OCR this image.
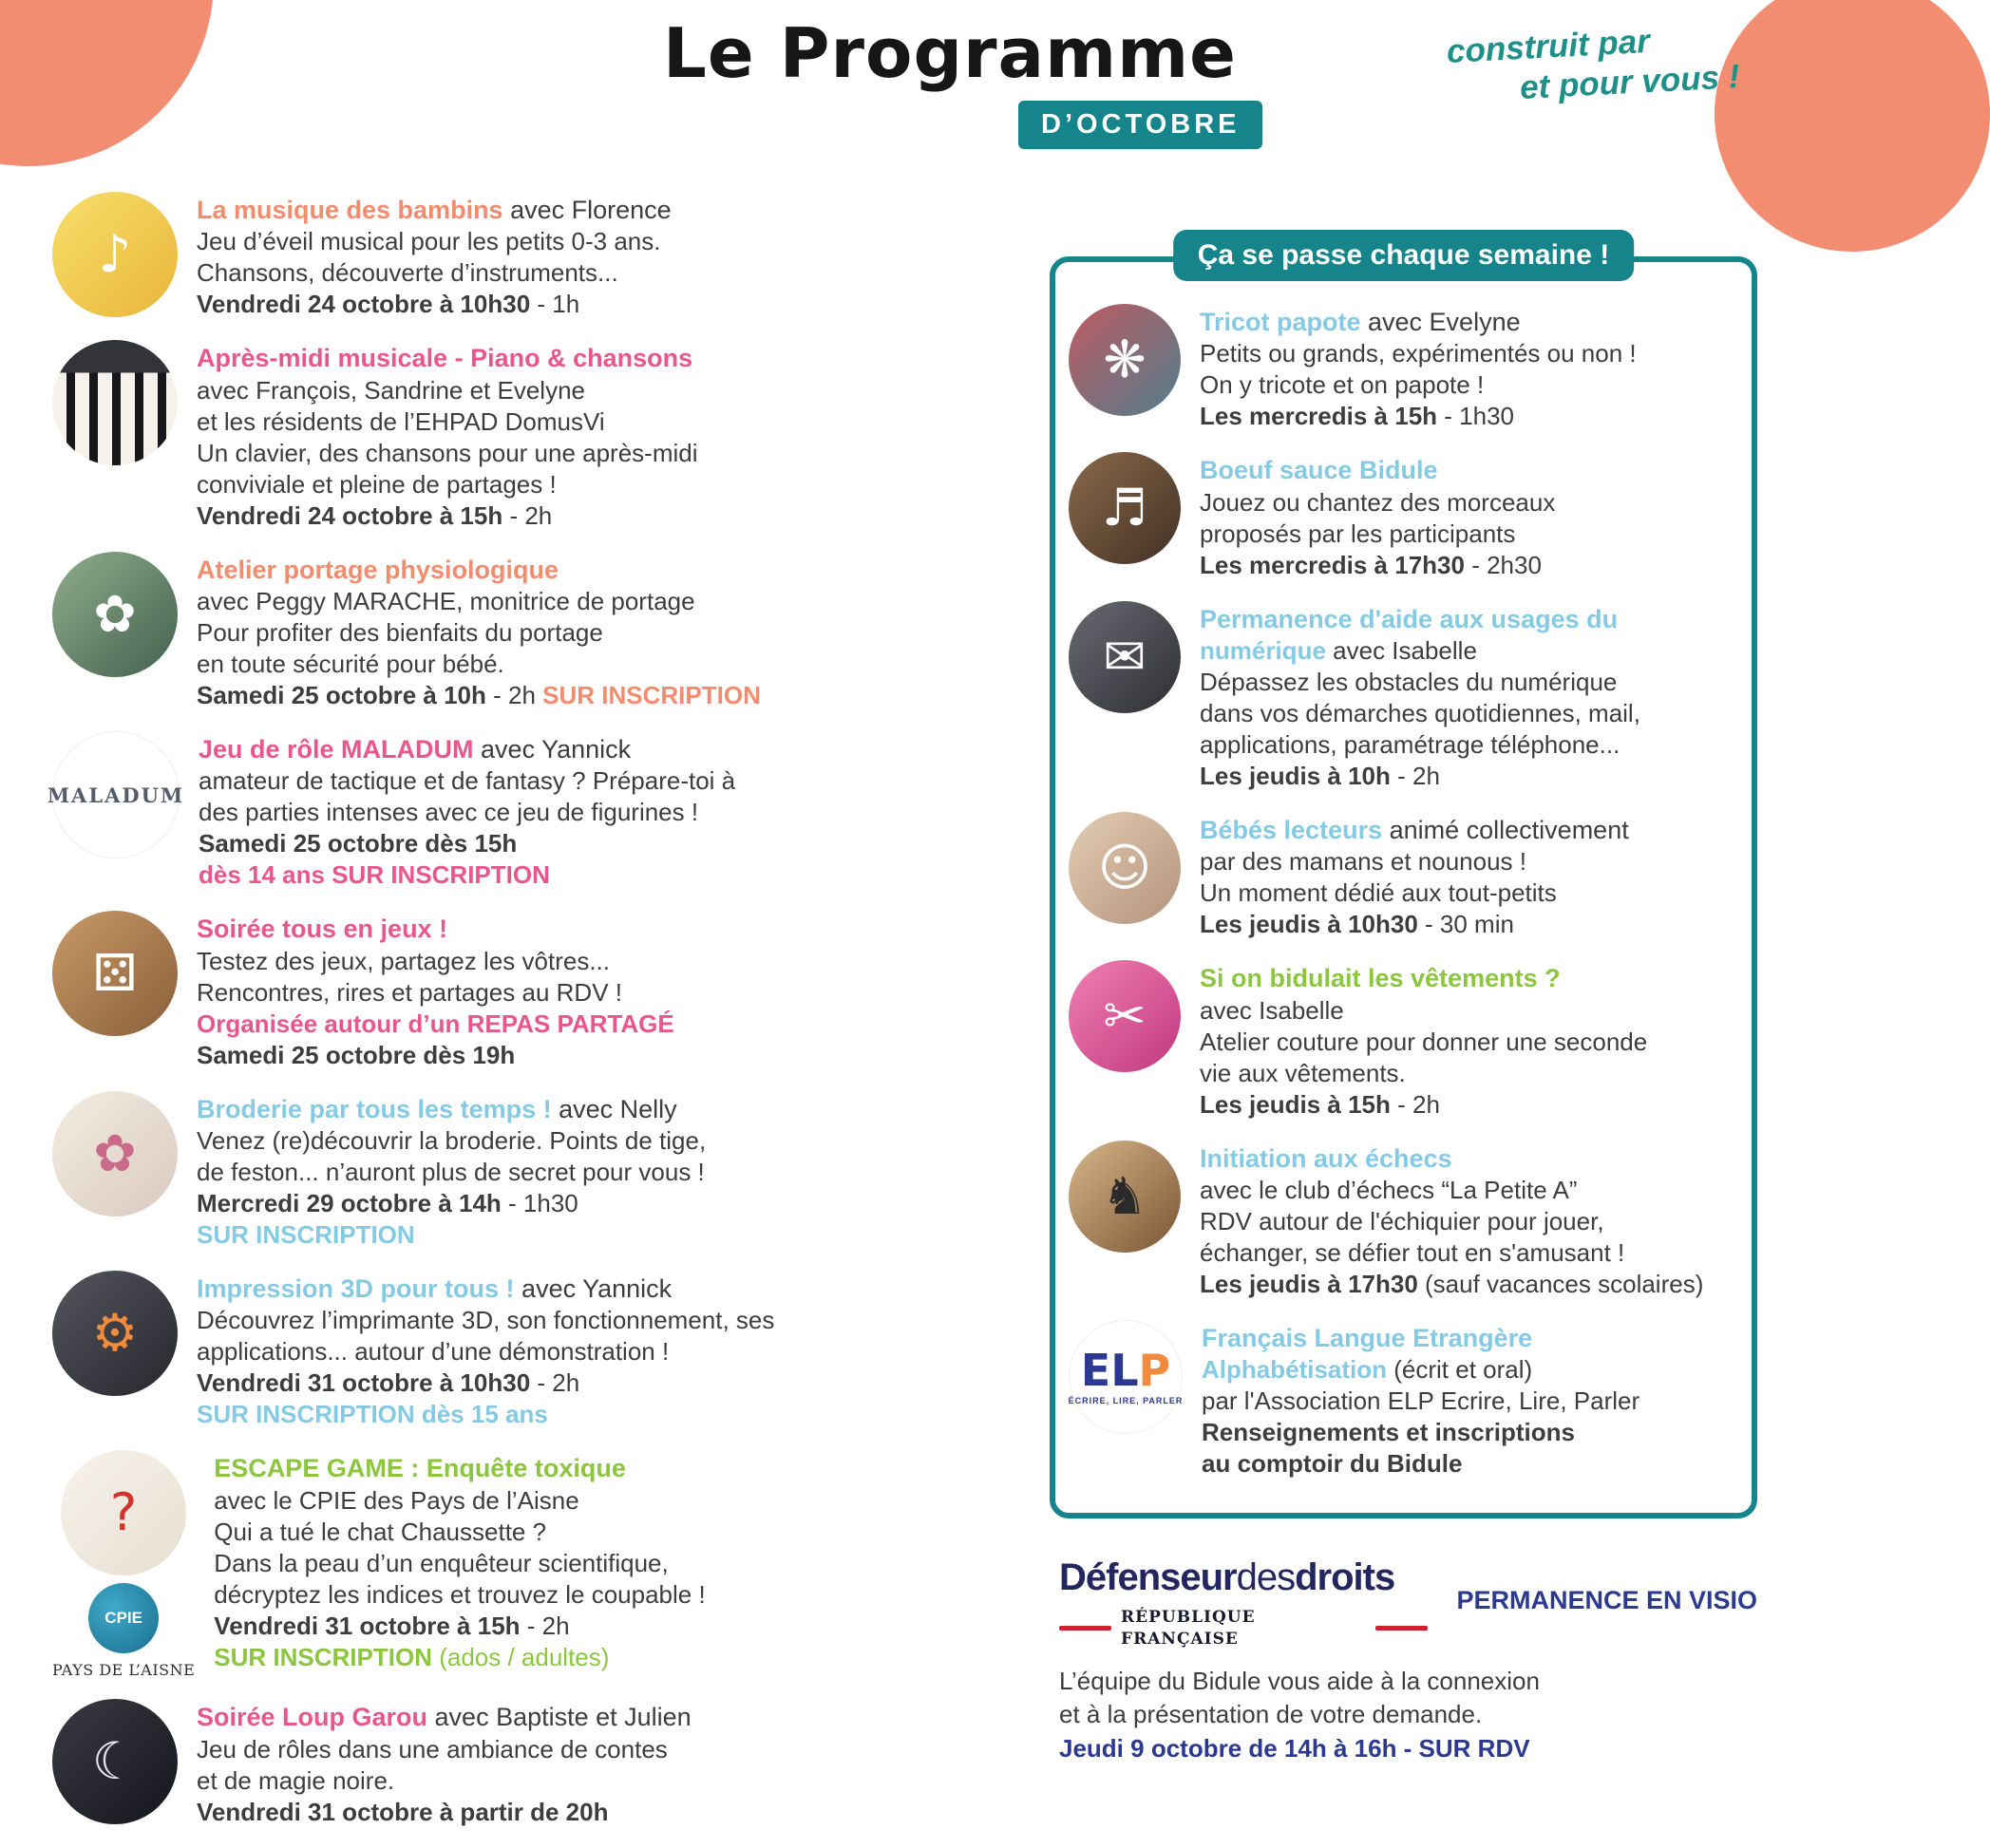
Le Programme
D’OCTOBRE
construit par
et pour vous !
♪
La musique des bambins avec Florence
Jeu d’éveil musical pour les petits 0-3 ans.
Chansons, découverte d’instruments...
Vendredi 24 octobre à 10h30 - 1h
Après-midi musicale - Piano & chansons
avec François, Sandrine et Evelyne
et les résidents de l’EHPAD DomusVi
Un clavier, des chansons pour une après-midi
conviviale et pleine de partages !
Vendredi 24 octobre à 15h - 2h
✿
Atelier portage physiologique
avec Peggy MARACHE, monitrice de portage
Pour profiter des bienfaits du portage
en toute sécurité pour bébé.
Samedi 25 octobre à 10h - 2h SUR INSCRIPTION
MALADUM
Jeu de rôle MALADUM avec Yannick
amateur de tactique et de fantasy ? Prépare-toi à
des parties intenses avec ce jeu de figurines !
Samedi 25 octobre dès 15h
dès 14 ans SUR INSCRIPTION
⚄
Soirée tous en jeux !
Testez des jeux, partagez les vôtres...
Rencontres, rires et partages au RDV !
Organisée autour d’un REPAS PARTAGÉ
Samedi 25 octobre dès 19h
✿
Broderie par tous les temps ! avec Nelly
Venez (re)découvrir la broderie. Points de tige,
de feston... n’auront plus de secret pour vous !
Mercredi 29 octobre à 14h - 1h30
SUR INSCRIPTION
⚙
Impression 3D pour tous ! avec Yannick
Découvrez l’imprimante 3D, son fonctionnement, ses
applications... autour d’une démonstration !
Vendredi 31 octobre à 10h30 - 2h
SUR INSCRIPTION dès 15 ans
?
CPIE
PAYS DE L’AISNE
ESCAPE GAME : Enquête toxique
avec le CPIE des Pays de l’Aisne
Qui a tué le chat Chaussette ?
Dans la peau d’un enquêteur scientifique,
décryptez les indices et trouvez le coupable !
Vendredi 31 octobre à 15h - 2h
SUR INSCRIPTION (ados / adultes)
☾
Soirée Loup Garou avec Baptiste et Julien
Jeu de rôles dans une ambiance de contes
et de magie noire.
Vendredi 31 octobre à partir de 20h
Ça se passe chaque semaine !
❋
Tricot papote avec Evelyne
Petits ou grands, expérimentés ou non !
On y tricote et on papote !
Les mercredis à 15h - 1h30
♬
Boeuf sauce Bidule
Jouez ou chantez des morceaux
proposés par les participants
Les mercredis à 17h30 - 2h30
✉
Permanence d'aide aux usages du
numérique avec Isabelle
Dépassez les obstacles du numérique
dans vos démarches quotidiennes, mail,
applications, paramétrage téléphone...
Les jeudis à 10h - 2h
☺
Bébés lecteurs animé collectivement
par des mamans et nounous !
Un moment dédié aux tout-petits
Les jeudis à 10h30 - 30 min
✂
Si on bidulait les vêtements ?
avec Isabelle
Atelier couture pour donner une seconde
vie aux vêtements.
Les jeudis à 15h - 2h
♞
Initiation aux échecs
avec le club d’échecs “La Petite A”
RDV autour de l'échiquier pour jouer,
échanger, se défier tout en s'amusant !
Les jeudis à 17h30 (sauf vacances scolaires)
ELP
ÉCRIRE, LIRE, PARLER
Français Langue Etrangère
Alphabétisation (écrit et oral)
par l'Association ELP Ecrire, Lire, Parler
Renseignements et inscriptions
au comptoir du Bidule
Défenseurdesdroits
RÉPUBLIQUE FRANÇAISE
PERMANENCE EN VISIO

L’équipe du Bidule vous aide à la connexion

et à la présentation de votre demande.

Jeudi 9 octobre de 14h à 16h - SUR RDV
